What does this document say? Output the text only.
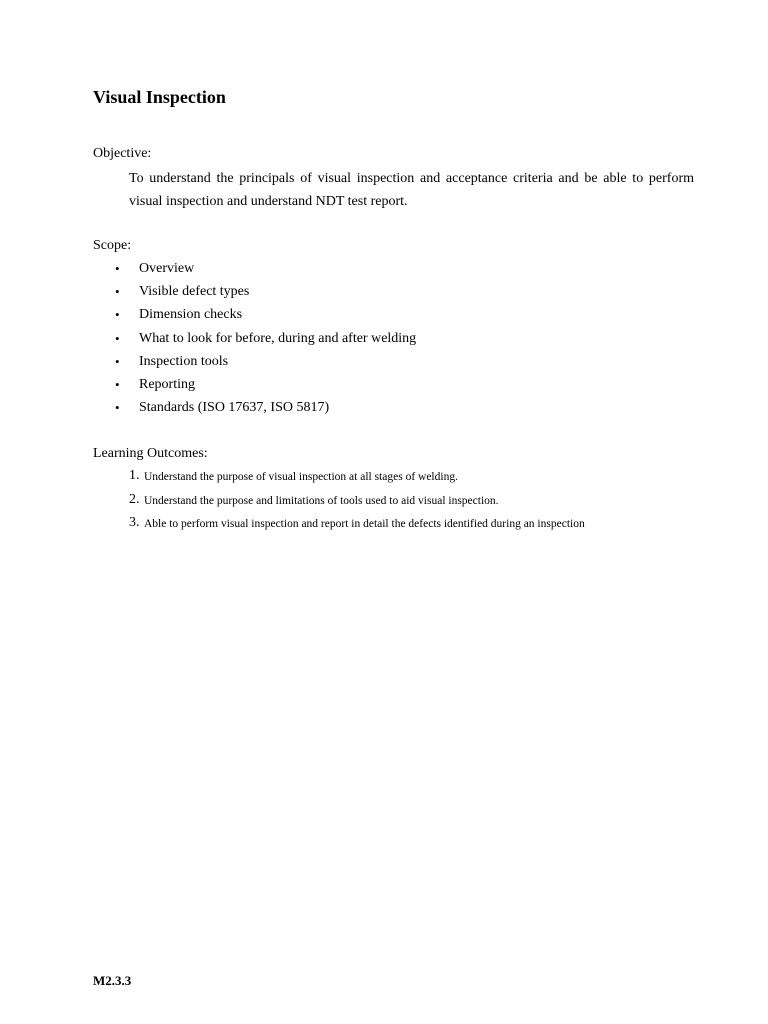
Visual Inspection
Objective:
To understand the principals of visual inspection and acceptance criteria and be able to perform
visual inspection and understand NDT test report.
Scope:
•	Overview
•	Visible defect types
•	Dimension checks
•	What to look for before, during and after welding
•	Inspection tools
•	Reporting
•	Standards (ISO 17637, ISO 5817)
Learning Outcomes:
1. Understand the purpose of visual inspection at all stages of welding.
2. Understand the purpose and limitations of tools used to aid visual inspection.
3. Able to perform visual inspection and report in detail the defects identified during an inspection
M2.3.3
